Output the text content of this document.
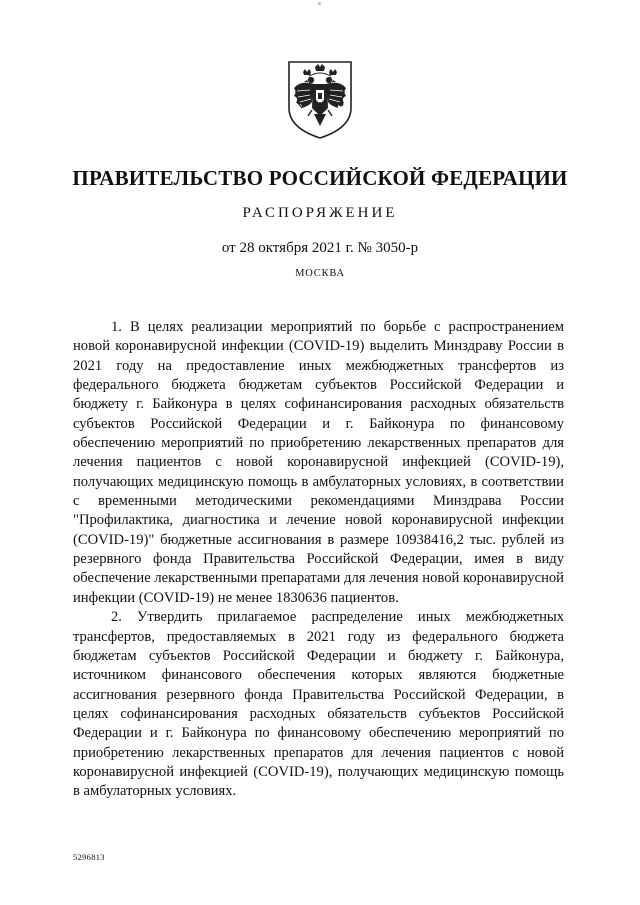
ПРАВИТЕЛЬСТВО РОССИЙСКОЙ ФЕДЕРАЦИИ
РАСПОРЯЖЕНИЕ
от 28 октября 2021 г. № 3050-р
МОСКВА

1. В целях реализации мероприятий по борьбе с распространением новой коронавирусной инфекции (COVID-19) выделить Минздраву России в 2021 году на предоставление иных межбюджетных трансфертов из федерального бюджета бюджетам субъектов Российской Федерации и бюджету г. Байконура в целях софинансирования расходных обязательств субъектов Российской Федерации и г. Байконура по финансовому обеспечению мероприятий по приобретению лекарственных препаратов для лечения пациентов с новой коронавирусной инфекцией (COVID-19), получающих медицинскую помощь в амбулаторных условиях, в соответствии с временными методическими рекомендациями Минздрава России "Профилактика, диагностика и лечение новой коронавирусной инфекции (COVID-19)" бюджетные ассигнования в размере 10938416,2 тыс. рублей из резервного фонда Правительства Российской Федерации, имея в виду обеспечение лекарственными препаратами для лечения новой коронавирусной инфекции (COVID-19) не менее 1830636 пациентов.

2. Утвердить прилагаемое распределение иных межбюджетных трансфертов, предоставляемых в 2021 году из федерального бюджета бюджетам субъектов Российской Федерации и бюджету г. Байконура, источником финансового обеспечения которых являются бюджетные ассигнования резервного фонда Правительства Российской Федерации, в целях софинансирования расходных обязательств субъектов Российской Федерации и г. Байконура по финансовому обеспечению мероприятий по приобретению лекарственных препаратов для лечения пациентов с новой коронавирусной инфекцией (COVID-19), получающих медицинскую помощь в амбулаторных условиях.

5296813
